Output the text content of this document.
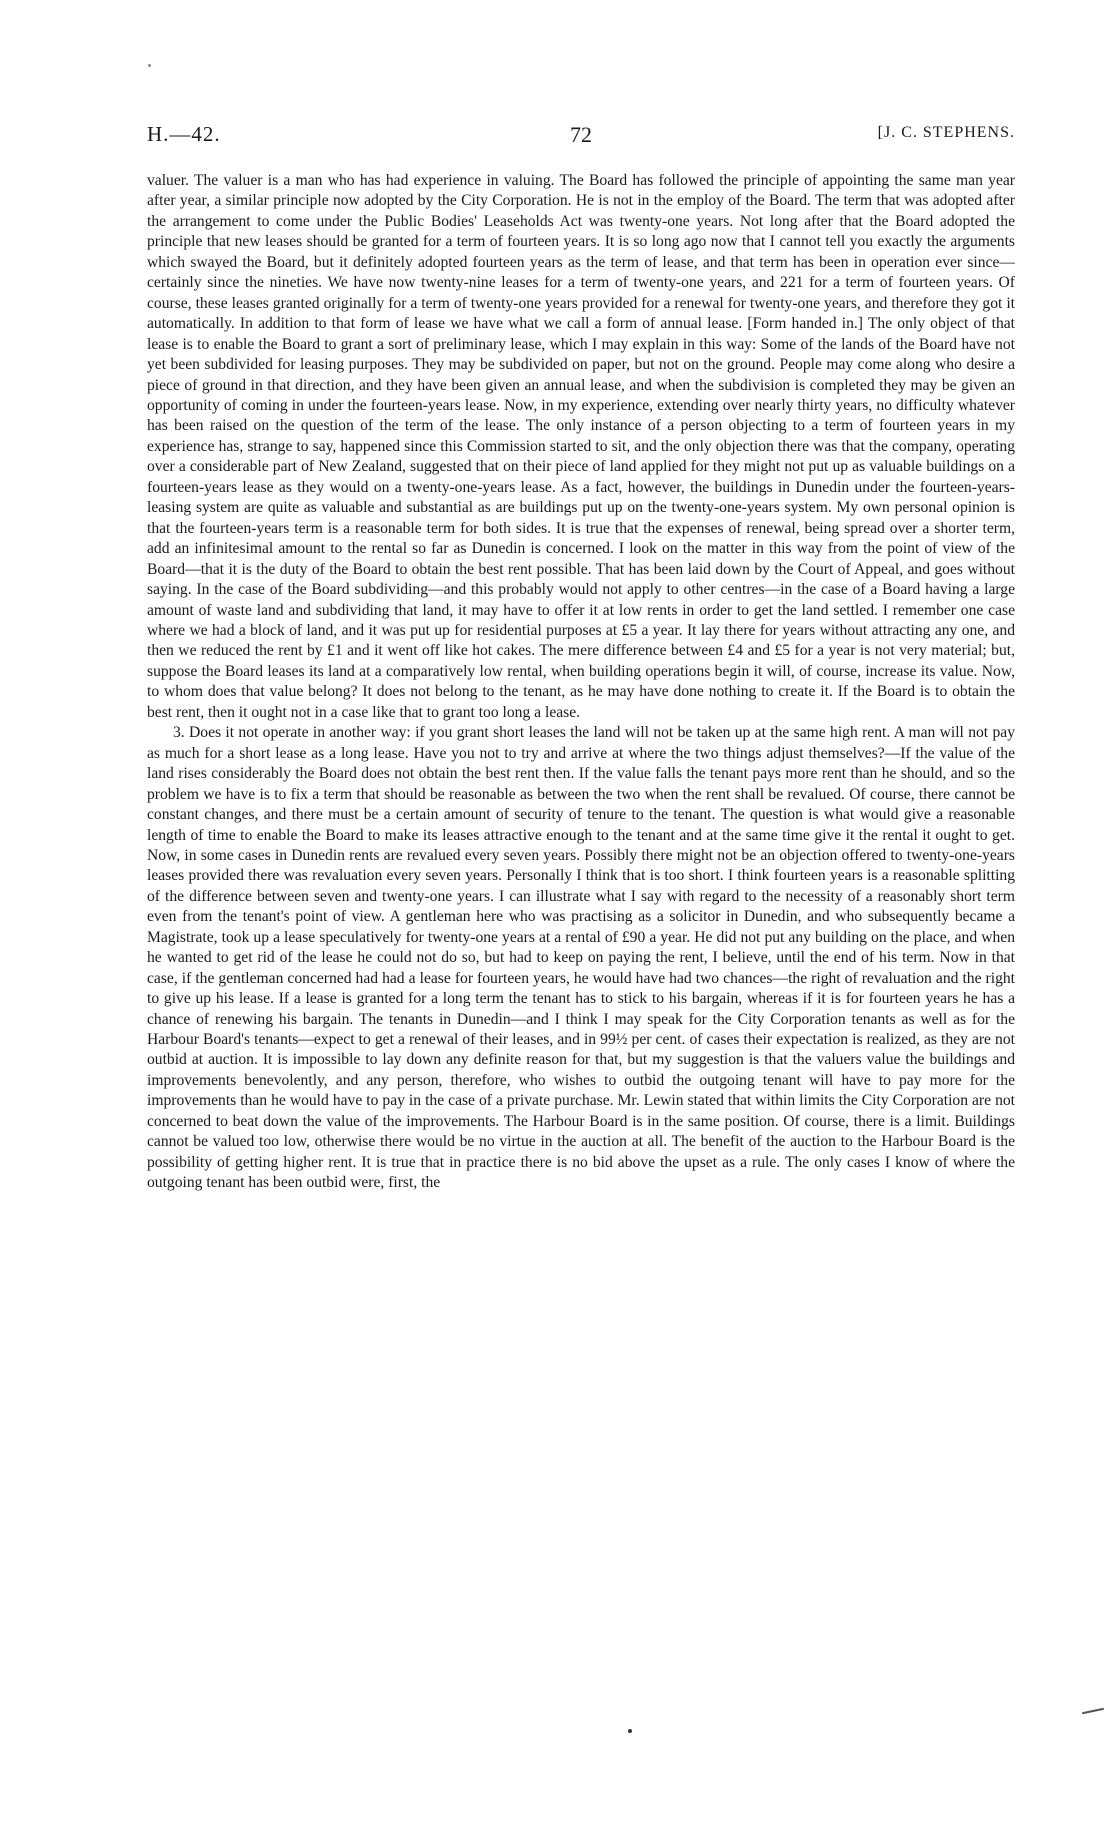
H.—42.	72	[J. C. STEPHENS.

valuer. The valuer is a man who has had experience in valuing. The Board has followed the principle of appointing the same man year after year, a similar principle now adopted by the City Corporation. He is not in the employ of the Board. The term that was adopted after the arrangement to come under the Public Bodies' Leaseholds Act was twenty-one years. Not long after that the Board adopted the principle that new leases should be granted for a term of fourteen years. It is so long ago now that I cannot tell you exactly the arguments which swayed the Board, but it definitely adopted fourteen years as the term of lease, and that term has been in operation ever since—certainly since the nineties. We have now twenty-nine leases for a term of twenty-one years, and 221 for a term of fourteen years. Of course, these leases granted originally for a term of twenty-one years provided for a renewal for twenty-one years, and therefore they got it automatically. In addition to that form of lease we have what we call a form of annual lease. [Form handed in.] The only object of that lease is to enable the Board to grant a sort of preliminary lease, which I may explain in this way: Some of the lands of the Board have not yet been subdivided for leasing purposes. They may be subdivided on paper, but not on the ground. People may come along who desire a piece of ground in that direction, and they have been given an annual lease, and when the subdivision is completed they may be given an opportunity of coming in under the fourteen-years lease. Now, in my experience, extending over nearly thirty years, no difficulty whatever has been raised on the question of the term of the lease. The only instance of a person objecting to a term of fourteen years in my experience has, strange to say, happened since this Commission started to sit, and the only objection there was that the company, operating over a considerable part of New Zealand, suggested that on their piece of land applied for they might not put up as valuable buildings on a fourteen-years lease as they would on a twenty-one-years lease. As a fact, however, the buildings in Dunedin under the fourteen-years-leasing system are quite as valuable and substantial as are buildings put up on the twenty-one-years system. My own personal opinion is that the fourteen-years term is a reasonable term for both sides. It is true that the expenses of renewal, being spread over a shorter term, add an infinitesimal amount to the rental so far as Dunedin is concerned. I look on the matter in this way from the point of view of the Board—that it is the duty of the Board to obtain the best rent possible. That has been laid down by the Court of Appeal, and goes without saying. In the case of the Board subdividing—and this probably would not apply to other centres—in the case of a Board having a large amount of waste land and subdividing that land, it may have to offer it at low rents in order to get the land settled. I remember one case where we had a block of land, and it was put up for residential purposes at £5 a year. It lay there for years without attracting any one, and then we reduced the rent by £1 and it went off like hot cakes. The mere difference between £4 and £5 for a year is not very material; but, suppose the Board leases its land at a comparatively low rental, when building operations begin it will, of course, increase its value. Now, to whom does that value belong? It does not belong to the tenant, as he may have done nothing to create it. If the Board is to obtain the best rent, then it ought not in a case like that to grant too long a lease.

3. Does it not operate in another way: if you grant short leases the land will not be taken up at the same high rent. A man will not pay as much for a short lease as a long lease. Have you not to try and arrive at where the two things adjust themselves?—If the value of the land rises considerably the Board does not obtain the best rent then. If the value falls the tenant pays more rent than he should, and so the problem we have is to fix a term that should be reasonable as between the two when the rent shall be revalued. Of course, there cannot be constant changes, and there must be a certain amount of security of tenure to the tenant. The question is what would give a reasonable length of time to enable the Board to make its leases attractive enough to the tenant and at the same time give it the rental it ought to get. Now, in some cases in Dunedin rents are revalued every seven years. Possibly there might not be an objection offered to twenty-one-years leases provided there was revaluation every seven years. Personally I think that is too short. I think fourteen years is a reasonable splitting of the difference between seven and twenty-one years. I can illustrate what I say with regard to the necessity of a reasonably short term even from the tenant's point of view. A gentleman here who was practising as a solicitor in Dunedin, and who subsequently became a Magistrate, took up a lease speculatively for twenty-one years at a rental of £90 a year. He did not put any building on the place, and when he wanted to get rid of the lease he could not do so, but had to keep on paying the rent, I believe, until the end of his term. Now in that case, if the gentleman concerned had had a lease for fourteen years, he would have had two chances—the right of revaluation and the right to give up his lease. If a lease is granted for a long term the tenant has to stick to his bargain, whereas if it is for fourteen years he has a chance of renewing his bargain. The tenants in Dunedin—and I think I may speak for the City Corporation tenants as well as for the Harbour Board's tenants—expect to get a renewal of their leases, and in 99½ per cent. of cases their expectation is realized, as they are not outbid at auction. It is impossible to lay down any definite reason for that, but my suggestion is that the valuers value the buildings and improvements benevolently, and any person, therefore, who wishes to outbid the outgoing tenant will have to pay more for the improvements than he would have to pay in the case of a private purchase. Mr. Lewin stated that within limits the City Corporation are not concerned to beat down the value of the improvements. The Harbour Board is in the same position. Of course, there is a limit. Buildings cannot be valued too low, otherwise there would be no virtue in the auction at all. The benefit of the auction to the Harbour Board is the possibility of getting higher rent. It is true that in practice there is no bid above the upset as a rule. The only cases I know of where the outgoing tenant has been outbid were, first, the
